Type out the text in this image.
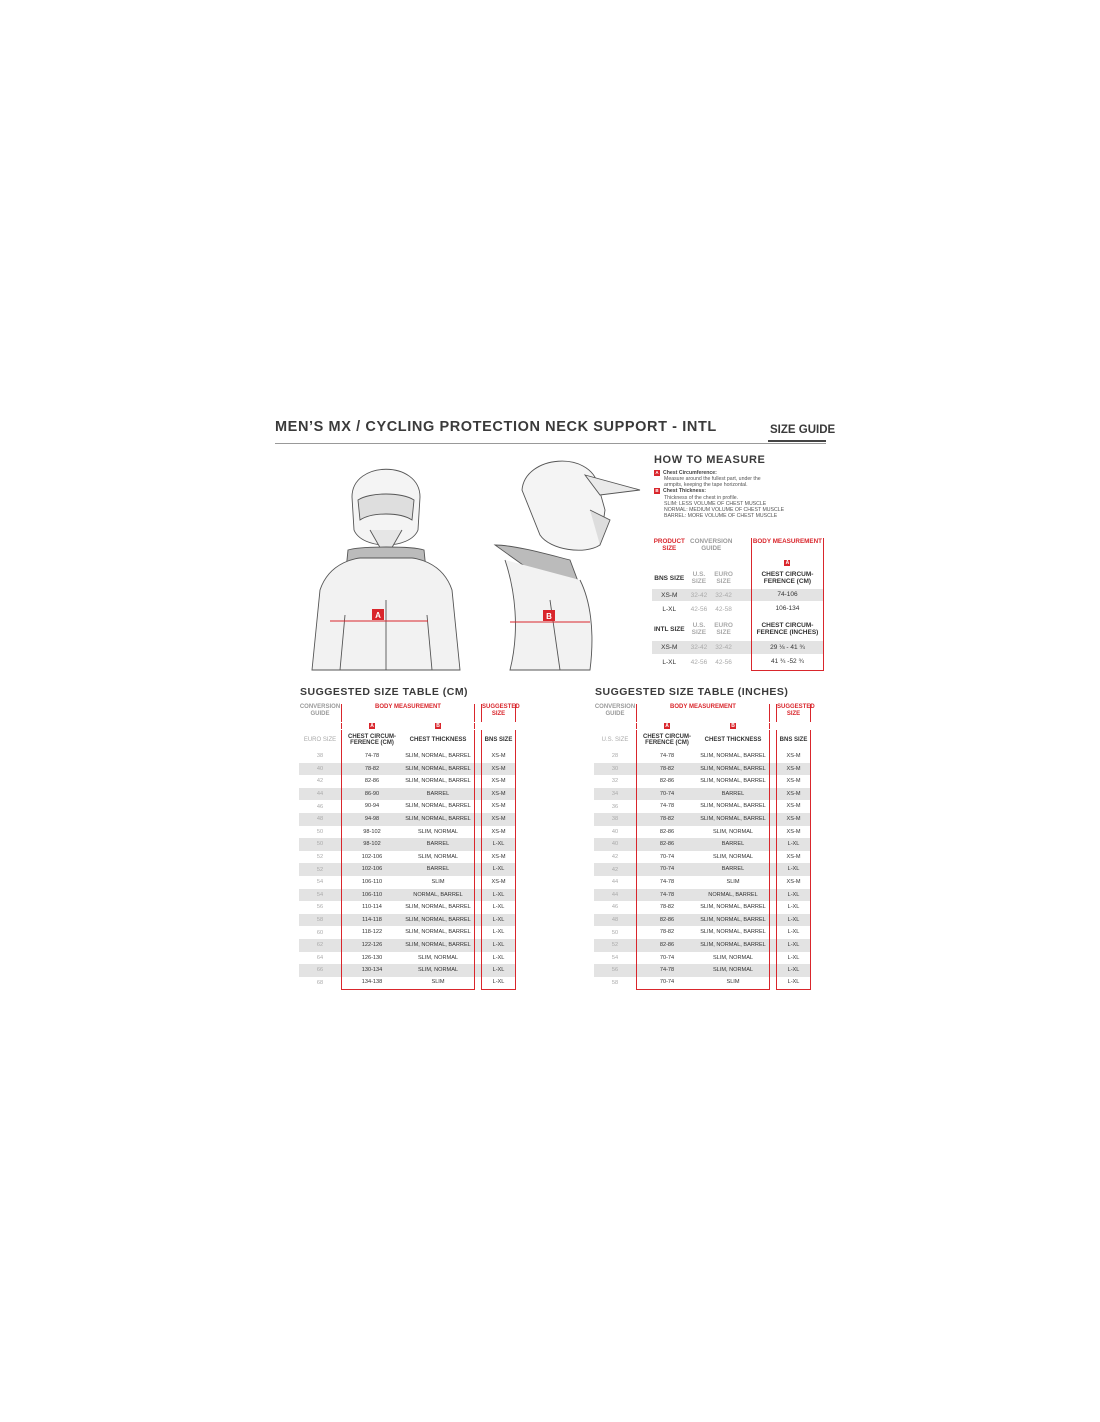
MEN’S MX / CYCLING PROTECTION NECK SUPPORT - INTL	SIZE GUIDE
A	B
HOW TO MEASURE
A Chest Circumference:
Measure around the fullest part, under the
armpits, keeping the tape horizontal.
B Chest Thickness:
Thickness of the chest in profile.
SLIM: LESS VOLUME OF CHEST MUSCLE
NORMAL: MEDIUM VOLUME OF CHEST MUSCLE
BARREL: MORE VOLUME OF CHEST MUSCLE
PRODUCT SIZE
CONVERSION GUIDE
BODY MEASUREMENT
A
BNS SIZE	U.S. SIZE
EURO SIZE
CHEST CIRCUM- FERENCE (CM)
XS-M	32-42	32-42	74-106
L-XL	42-56	42-58	106-134
INTL SIZE	U.S. SIZE
EURO SIZE
CHEST CIRCUM- FERENCE (INCHES)
XS-M	32-42	32-42	29 ⅛ - 41 ¾
L-XL	42-56	42-56	41 ¾ -52 ¾
SUGGESTED SIZE TABLE (CM)
CONVERSION GUIDE
BODY MEASUREMENT	SUGGESTED SIZE
A	B
EURO SIZE
CHEST CIRCUM- FERENCE (CM)
CHEST THICKNESS	BNS SIZE
38	74-78	SLIM, NORMAL, BARREL	XS-M
40	78-82	SLIM, NORMAL, BARREL	XS-M
42	82-86	SLIM, NORMAL, BARREL	XS-M
44	86-90	BARREL	XS-M
46	90-94	SLIM, NORMAL, BARREL	XS-M
48	94-98	SLIM, NORMAL, BARREL	XS-M
50	98-102	SLIM, NORMAL	XS-M
50	98-102	BARREL	L-XL
52	102-106	SLIM, NORMAL	XS-M
52	102-106	BARREL	L-XL
54	106-110	SLIM	XS-M
54	106-110	NORMAL, BARREL	L-XL
56	110-114	SLIM, NORMAL, BARREL	L-XL
58	114-118	SLIM, NORMAL, BARREL	L-XL
60	118-122	SLIM, NORMAL, BARREL	L-XL
62	122-126	SLIM, NORMAL, BARREL	L-XL
64	126-130	SLIM, NORMAL	L-XL
66	130-134	SLIM, NORMAL	L-XL
68	134-138	SLIM	L-XL
SUGGESTED SIZE TABLE (INCHES)
CONVERSION GUIDE
BODY MEASUREMENT	SUGGESTED SIZE
A	B
U.S. SIZE
CHEST CIRCUM- FERENCE (CM)
CHEST THICKNESS	BNS SIZE
28	74-78	SLIM, NORMAL, BARREL	XS-M
30	78-82	SLIM, NORMAL, BARREL	XS-M
32	82-86	SLIM, NORMAL, BARREL	XS-M
34	70-74	BARREL	XS-M
36	74-78	SLIM, NORMAL, BARREL	XS-M
38	78-82	SLIM, NORMAL, BARREL	XS-M
40	82-86	SLIM, NORMAL	XS-M
40	82-86	BARREL	L-XL
42	70-74	SLIM, NORMAL	XS-M
42	70-74	BARREL	L-XL
44	74-78	SLIM	XS-M
44	74-78	NORMAL, BARREL	L-XL
46	78-82	SLIM, NORMAL, BARREL	L-XL
48	82-86	SLIM, NORMAL, BARREL	L-XL
50	78-82	SLIM, NORMAL, BARREL	L-XL
52	82-86	SLIM, NORMAL, BARREL	L-XL
54	70-74	SLIM, NORMAL	L-XL
56	74-78	SLIM, NORMAL	L-XL
58	70-74	SLIM	L-XL
